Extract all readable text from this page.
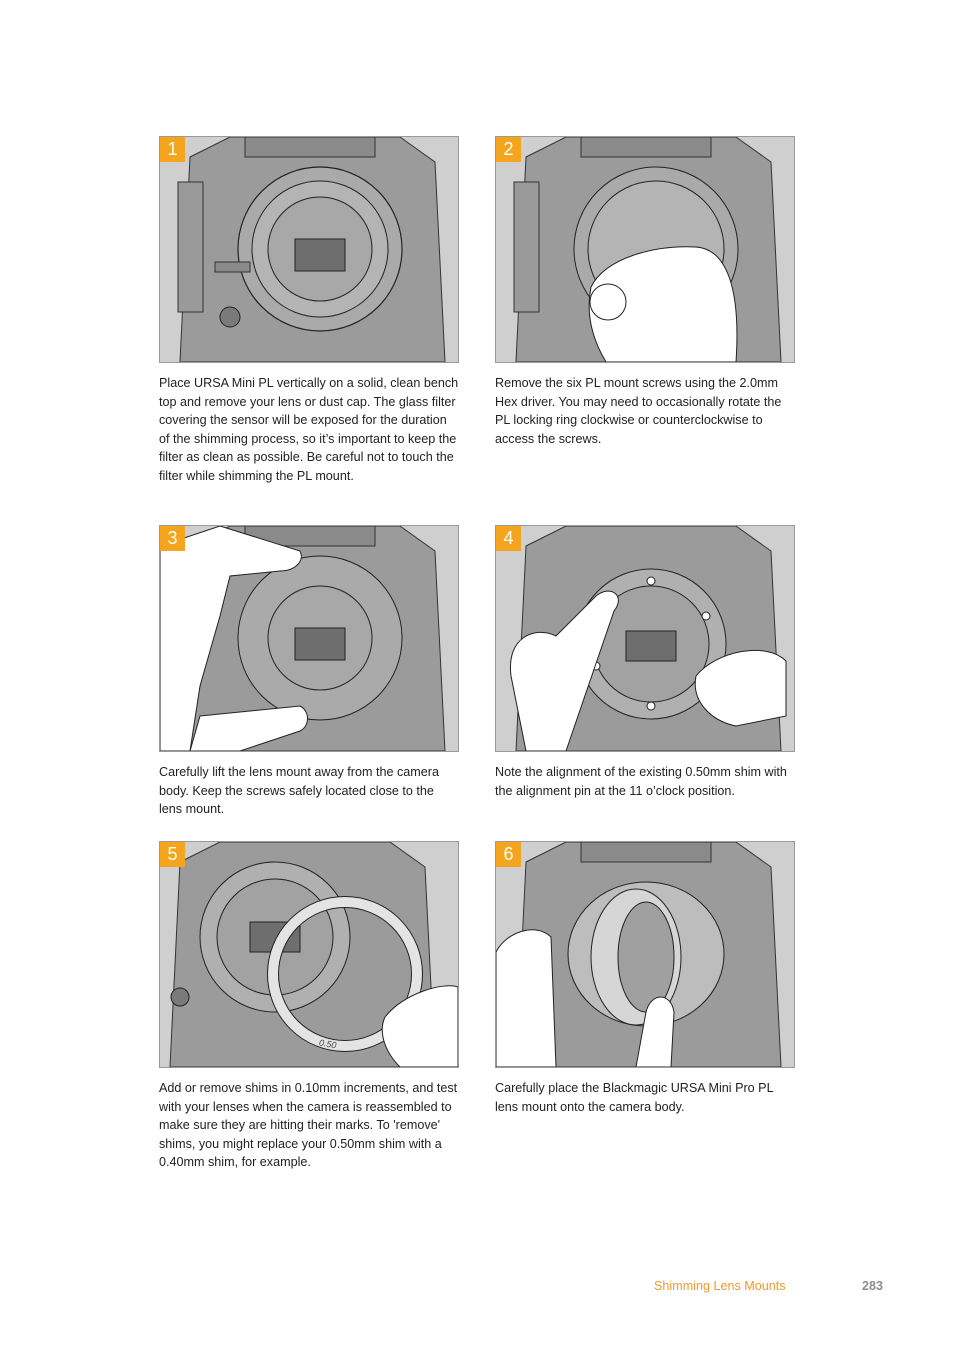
1
Place URSA Mini PL vertically on a solid, clean bench top and remove your lens or dust cap. The glass filter covering the sensor will be exposed for the duration of the shimming process, so it’s important to keep the filter as clean as possible. Be careful not to touch the filter while shimming the PL mount.
2
Remove the six PL mount screws using the 2.0mm Hex driver. You may need to occasionally rotate the PL locking ring clockwise or counterclockwise to access the screws.
3
Carefully lift the lens mount away from the camera body. Keep the screws safely located close to the lens mount.
4
Note the alignment of the existing 0.50mm shim with the alignment pin at the 11 o’clock position.
5
0.50
Add or remove shims in 0.10mm increments, and test with your lenses when the camera is reassembled to make sure they are hitting their marks. To 'remove' shims, you might replace your 0.50mm shim with a 0.40mm shim, for example.
6
Carefully place the Blackmagic URSA Mini Pro PL lens mount onto the camera body.
Shimming Lens Mounts	283
